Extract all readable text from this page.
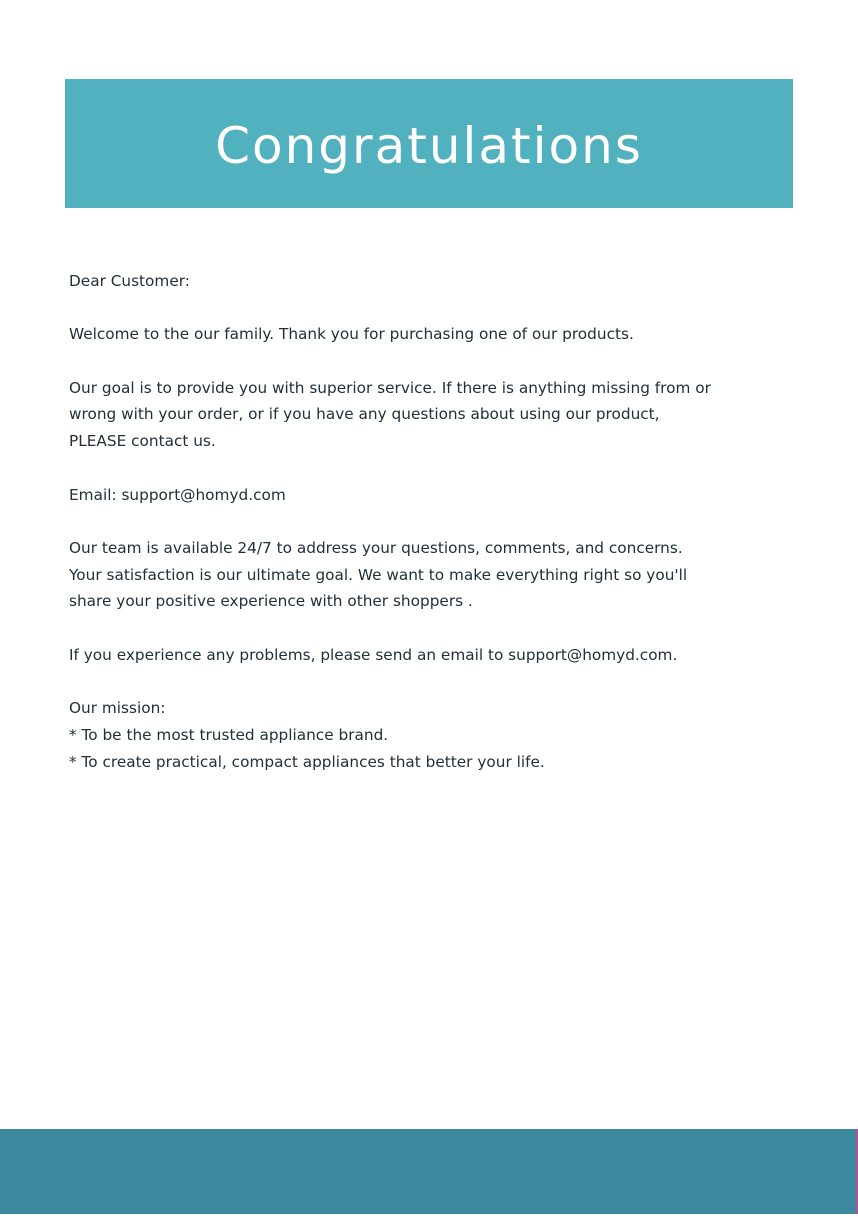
Congratulations

Dear Customer:

Welcome to the our family. Thank you for purchasing one of our products.

Our goal is to provide you with superior service. If there is anything missing from or
wrong with your order, or if you have any questions about using our product,
PLEASE contact us.

Email: support@homyd.com

Our team is available 24/7 to address your questions, comments, and concerns.
Your satisfaction is our ultimate goal. We want to make everything right so you'll
share your positive experience with other shoppers .

If you experience any problems, please send an email to support@homyd.com.

Our mission:
* To be the most trusted appliance brand.
* To create practical, compact appliances that better your life.
